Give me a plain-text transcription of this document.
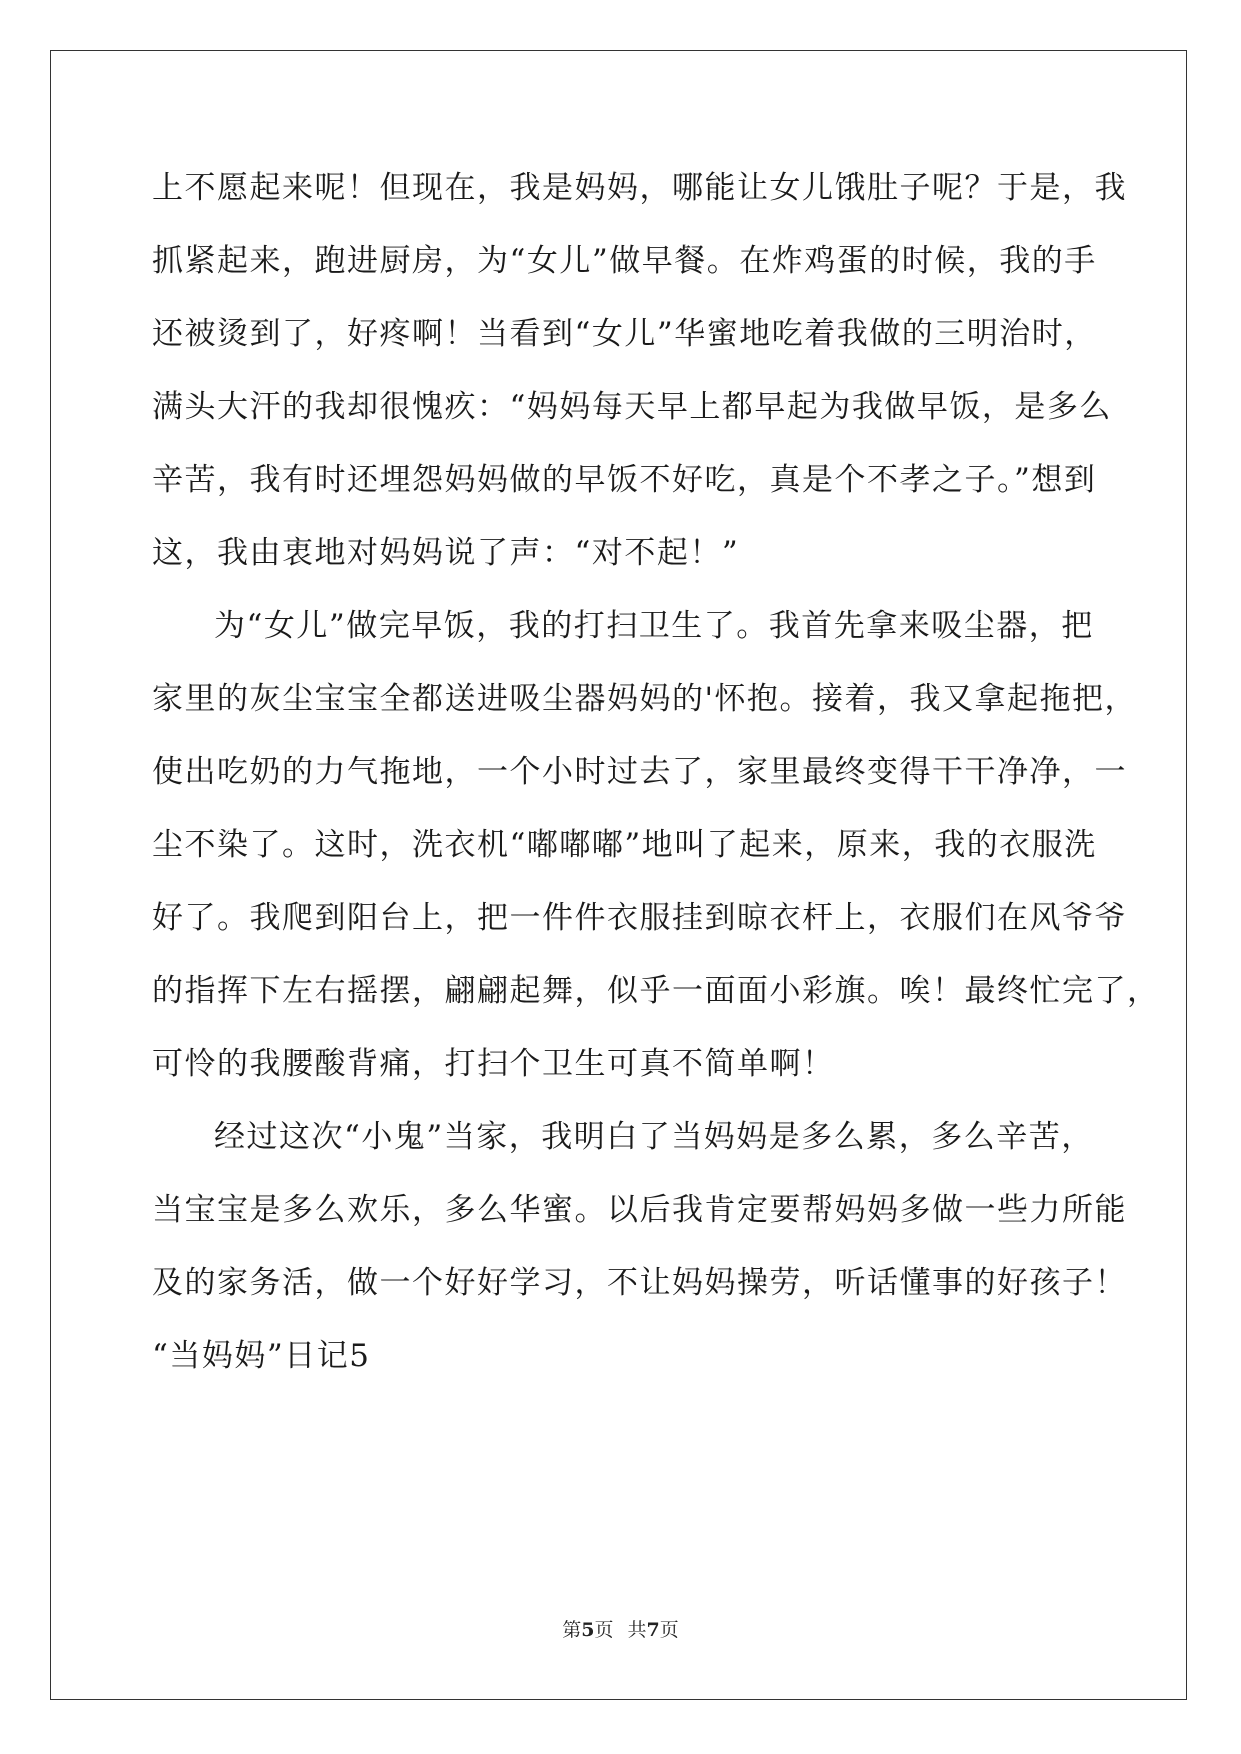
上不愿起来呢！但现在，我是妈妈，哪能让女儿饿肚子呢？于是，我
抓紧起来，跑进厨房，为“女儿”做早餐。在炸鸡蛋的时候，我的手
还被烫到了，好疼啊！当看到“女儿”华蜜地吃着我做的三明治时，
满头大汗的我却很愧疚：“妈妈每天早上都早起为我做早饭，是多么
辛苦，我有时还埋怨妈妈做的早饭不好吃，真是个不孝之子。”想到
这，我由衷地对妈妈说了声：“对不起！”
为“女儿”做完早饭，我的打扫卫生了。我首先拿来吸尘器，把
家里的灰尘宝宝全都送进吸尘器妈妈的'怀抱。接着，我又拿起拖把，
使出吃奶的力气拖地，一个小时过去了，家里最终变得干干净净，一
尘不染了。这时，洗衣机“嘟嘟嘟”地叫了起来，原来，我的衣服洗
好了。我爬到阳台上，把一件件衣服挂到晾衣杆上，衣服们在风爷爷
的指挥下左右摇摆，翩翩起舞，似乎一面面小彩旗。唉！最终忙完了，
可怜的我腰酸背痛，打扫个卫生可真不简单啊！
经过这次“小鬼”当家，我明白了当妈妈是多么累，多么辛苦，
当宝宝是多么欢乐，多么华蜜。以后我肯定要帮妈妈多做一些力所能
及的家务活，做一个好好学习，不让妈妈操劳，听话懂事的好孩子！
“当妈妈”日记5
第5页 共7页
